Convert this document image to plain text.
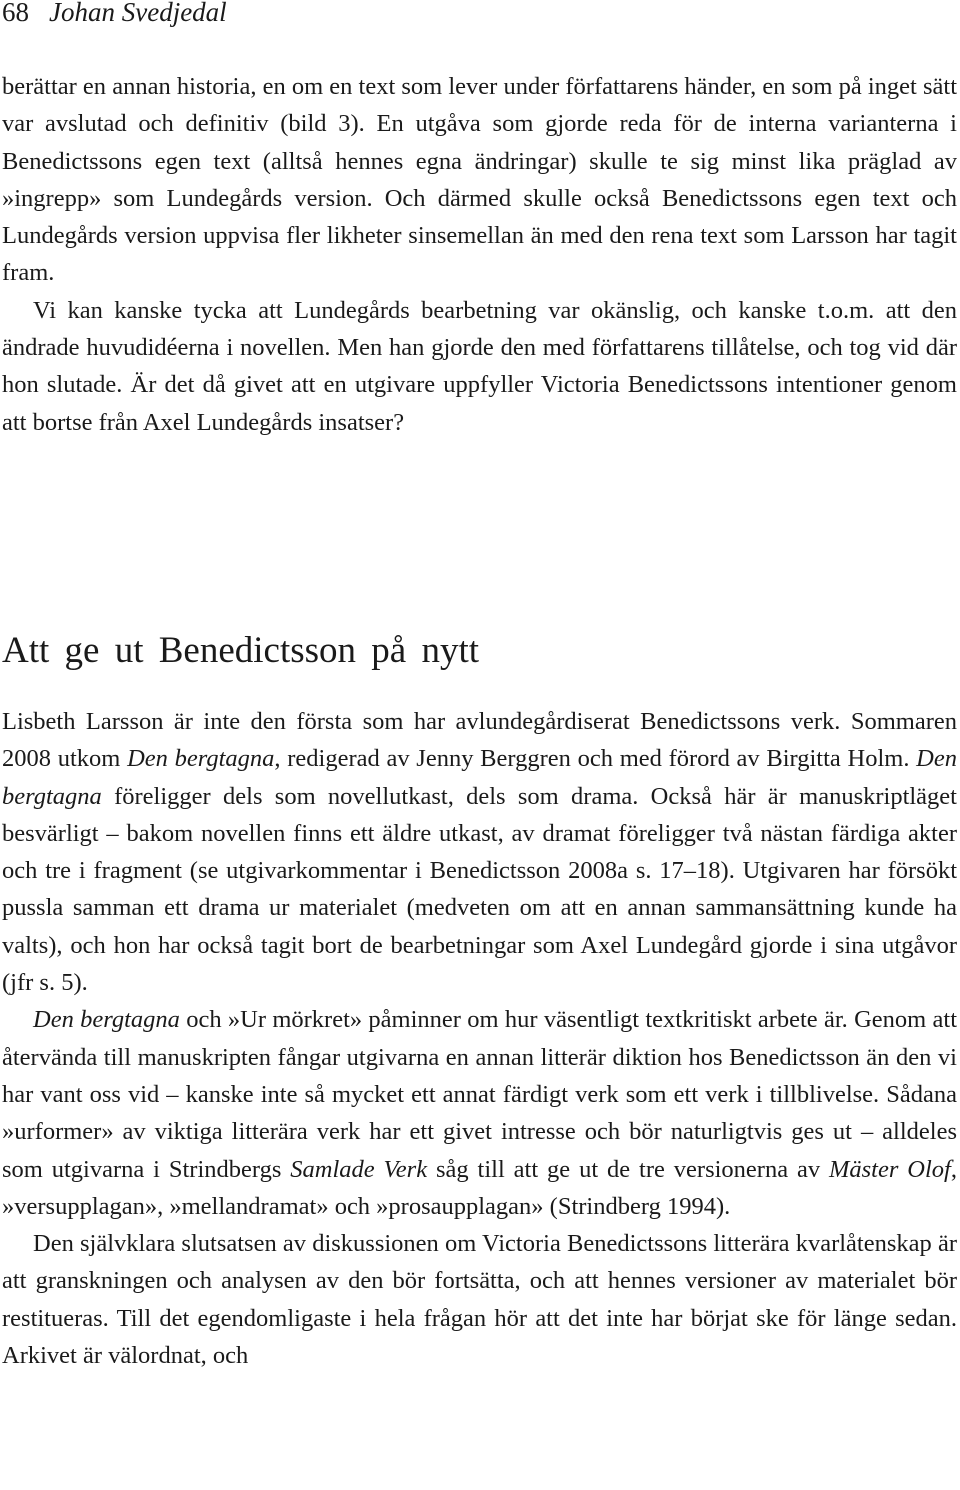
68 Johan Svedjedal

berättar en annan historia, en om en text som lever under författarens händer, en som på inget sätt var avslutad och definitiv (bild 3). En utgåva som gjorde reda för de interna varianterna i Benedictssons egen text (alltså hennes egna ändringar) skulle te sig minst lika präglad av »ingrepp» som Lundegårds version. Och därmed skulle också Benedictssons egen text och Lundegårds version uppvisa fler likheter sinsemellan än med den rena text som Larsson har tagit fram.

Vi kan kanske tycka att Lundegårds bearbetning var okänslig, och kanske t.o.m. att den ändrade huvudidéerna i novellen. Men han gjorde den med författarens tillåtelse, och tog vid där hon slutade. Är det då givet att en utgivare uppfyller Victoria Benedictssons intentioner genom att bortse från Axel Lundegårds insatser?

Att ge ut Benedictsson på nytt

Lisbeth Larsson är inte den första som har avlundegårdiserat Benedictssons verk. Sommaren 2008 utkom Den bergtagna, redigerad av Jenny Berggren och med förord av Birgitta Holm. Den bergtagna föreligger dels som novellutkast, dels som drama. Också här är manuskriptläget besvärligt – bakom novellen finns ett äldre utkast, av dramat föreligger två nästan färdiga akter och tre i fragment (se utgivarkommentar i Benedictsson 2008a s. 17–18). Utgivaren har försökt pussla samman ett drama ur materialet (medveten om att en annan sammansättning kunde ha valts), och hon har också tagit bort de bearbetningar som Axel Lundegård gjorde i sina utgåvor (jfr s. 5).

Den bergtagna och »Ur mörkret» påminner om hur väsentligt textkritiskt arbete är. Genom att återvända till manuskripten fångar utgivarna en annan litterär diktion hos Benedictsson än den vi har vant oss vid – kanske inte så mycket ett annat färdigt verk som ett verk i tillblivelse. Sådana »urformer» av viktiga litterära verk har ett givet intresse och bör naturligtvis ges ut – alldeles som utgivarna i Strindbergs Samlade Verk såg till att ge ut de tre versionerna av Mäster Olof, »versupplagan», »mellandramat» och »prosaupplagan» (Strindberg 1994).

Den självklara slutsatsen av diskussionen om Victoria Benedictssons litterära kvarlåtenskap är att granskningen och analysen av den bör fortsätta, och att hennes versioner av materialet bör restitueras. Till det egendomligaste i hela frågan hör att det inte har börjat ske för länge sedan. Arkivet är välordnat, och
